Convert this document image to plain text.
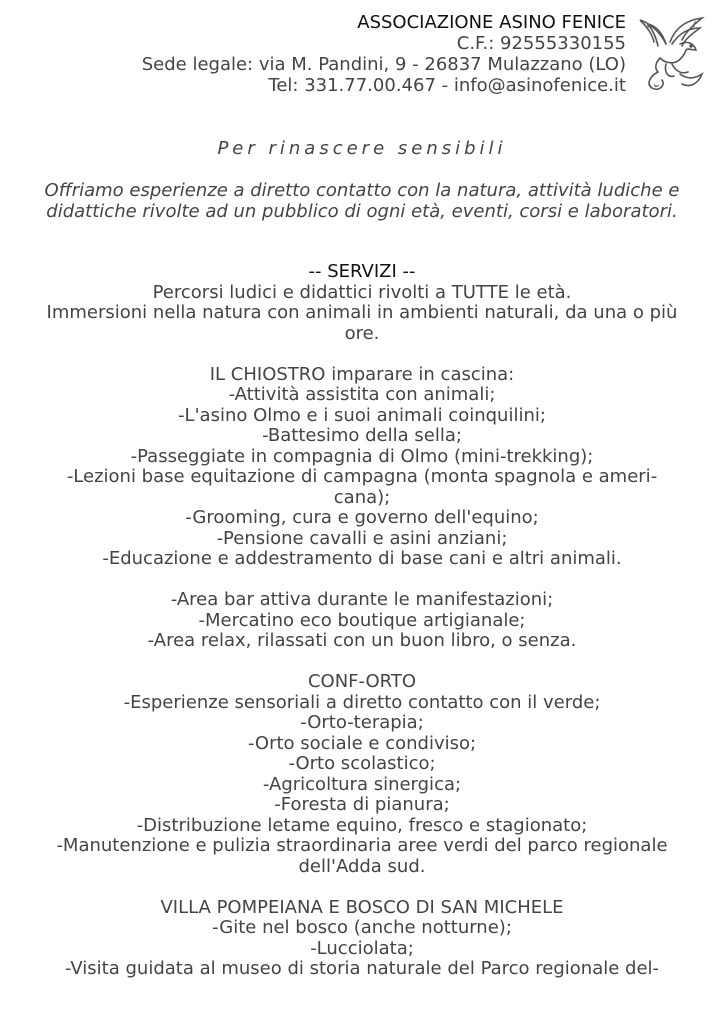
ASSOCIAZIONE ASINO FENICE
C.F.: 92555330155
Sede legale: via M. Pandini, 9 - 26837 Mulazzano (LO)
Tel: 331.77.00.467 - info@asinofenice.it
Per rinascere sensibili
Offriamo esperienze a diretto contatto con la natura, attività ludiche e
didattiche rivolte ad un pubblico di ogni età, eventi, corsi e laboratori.
-- SERVIZI --
Percorsi ludici e didattici rivolti a TUTTE le età.
Immersioni nella natura con animali in ambienti naturali, da una o più
ore.
IL CHIOSTRO imparare in cascina:
-Attività assistita con animali;
-L'asino Olmo e i suoi animali coinquilini;
-Battesimo della sella;
-Passeggiate in compagnia di Olmo (mini-trekking);
-Lezioni base equitazione di campagna (monta spagnola e ameri-
cana);
-Grooming, cura e governo dell'equino;
-Pensione cavalli e asini anziani;
-Educazione e addestramento di base cani e altri animali.
-Area bar attiva durante le manifestazioni;
-Mercatino eco boutique artigianale;
-Area relax, rilassati con un buon libro, o senza.
CONF-ORTO
-Esperienze sensoriali a diretto contatto con il verde;
-Orto-terapia;
-Orto sociale e condiviso;
-Orto scolastico;
-Agricoltura sinergica;
-Foresta di pianura;
-Distribuzione letame equino, fresco e stagionato;
-Manutenzione e pulizia straordinaria aree verdi del parco regionale
dell'Adda sud.
VILLA POMPEIANA E BOSCO DI SAN MICHELE
-Gite nel bosco (anche notturne);
-Lucciolata;
-Visita guidata al museo di storia naturale del Parco regionale del-
